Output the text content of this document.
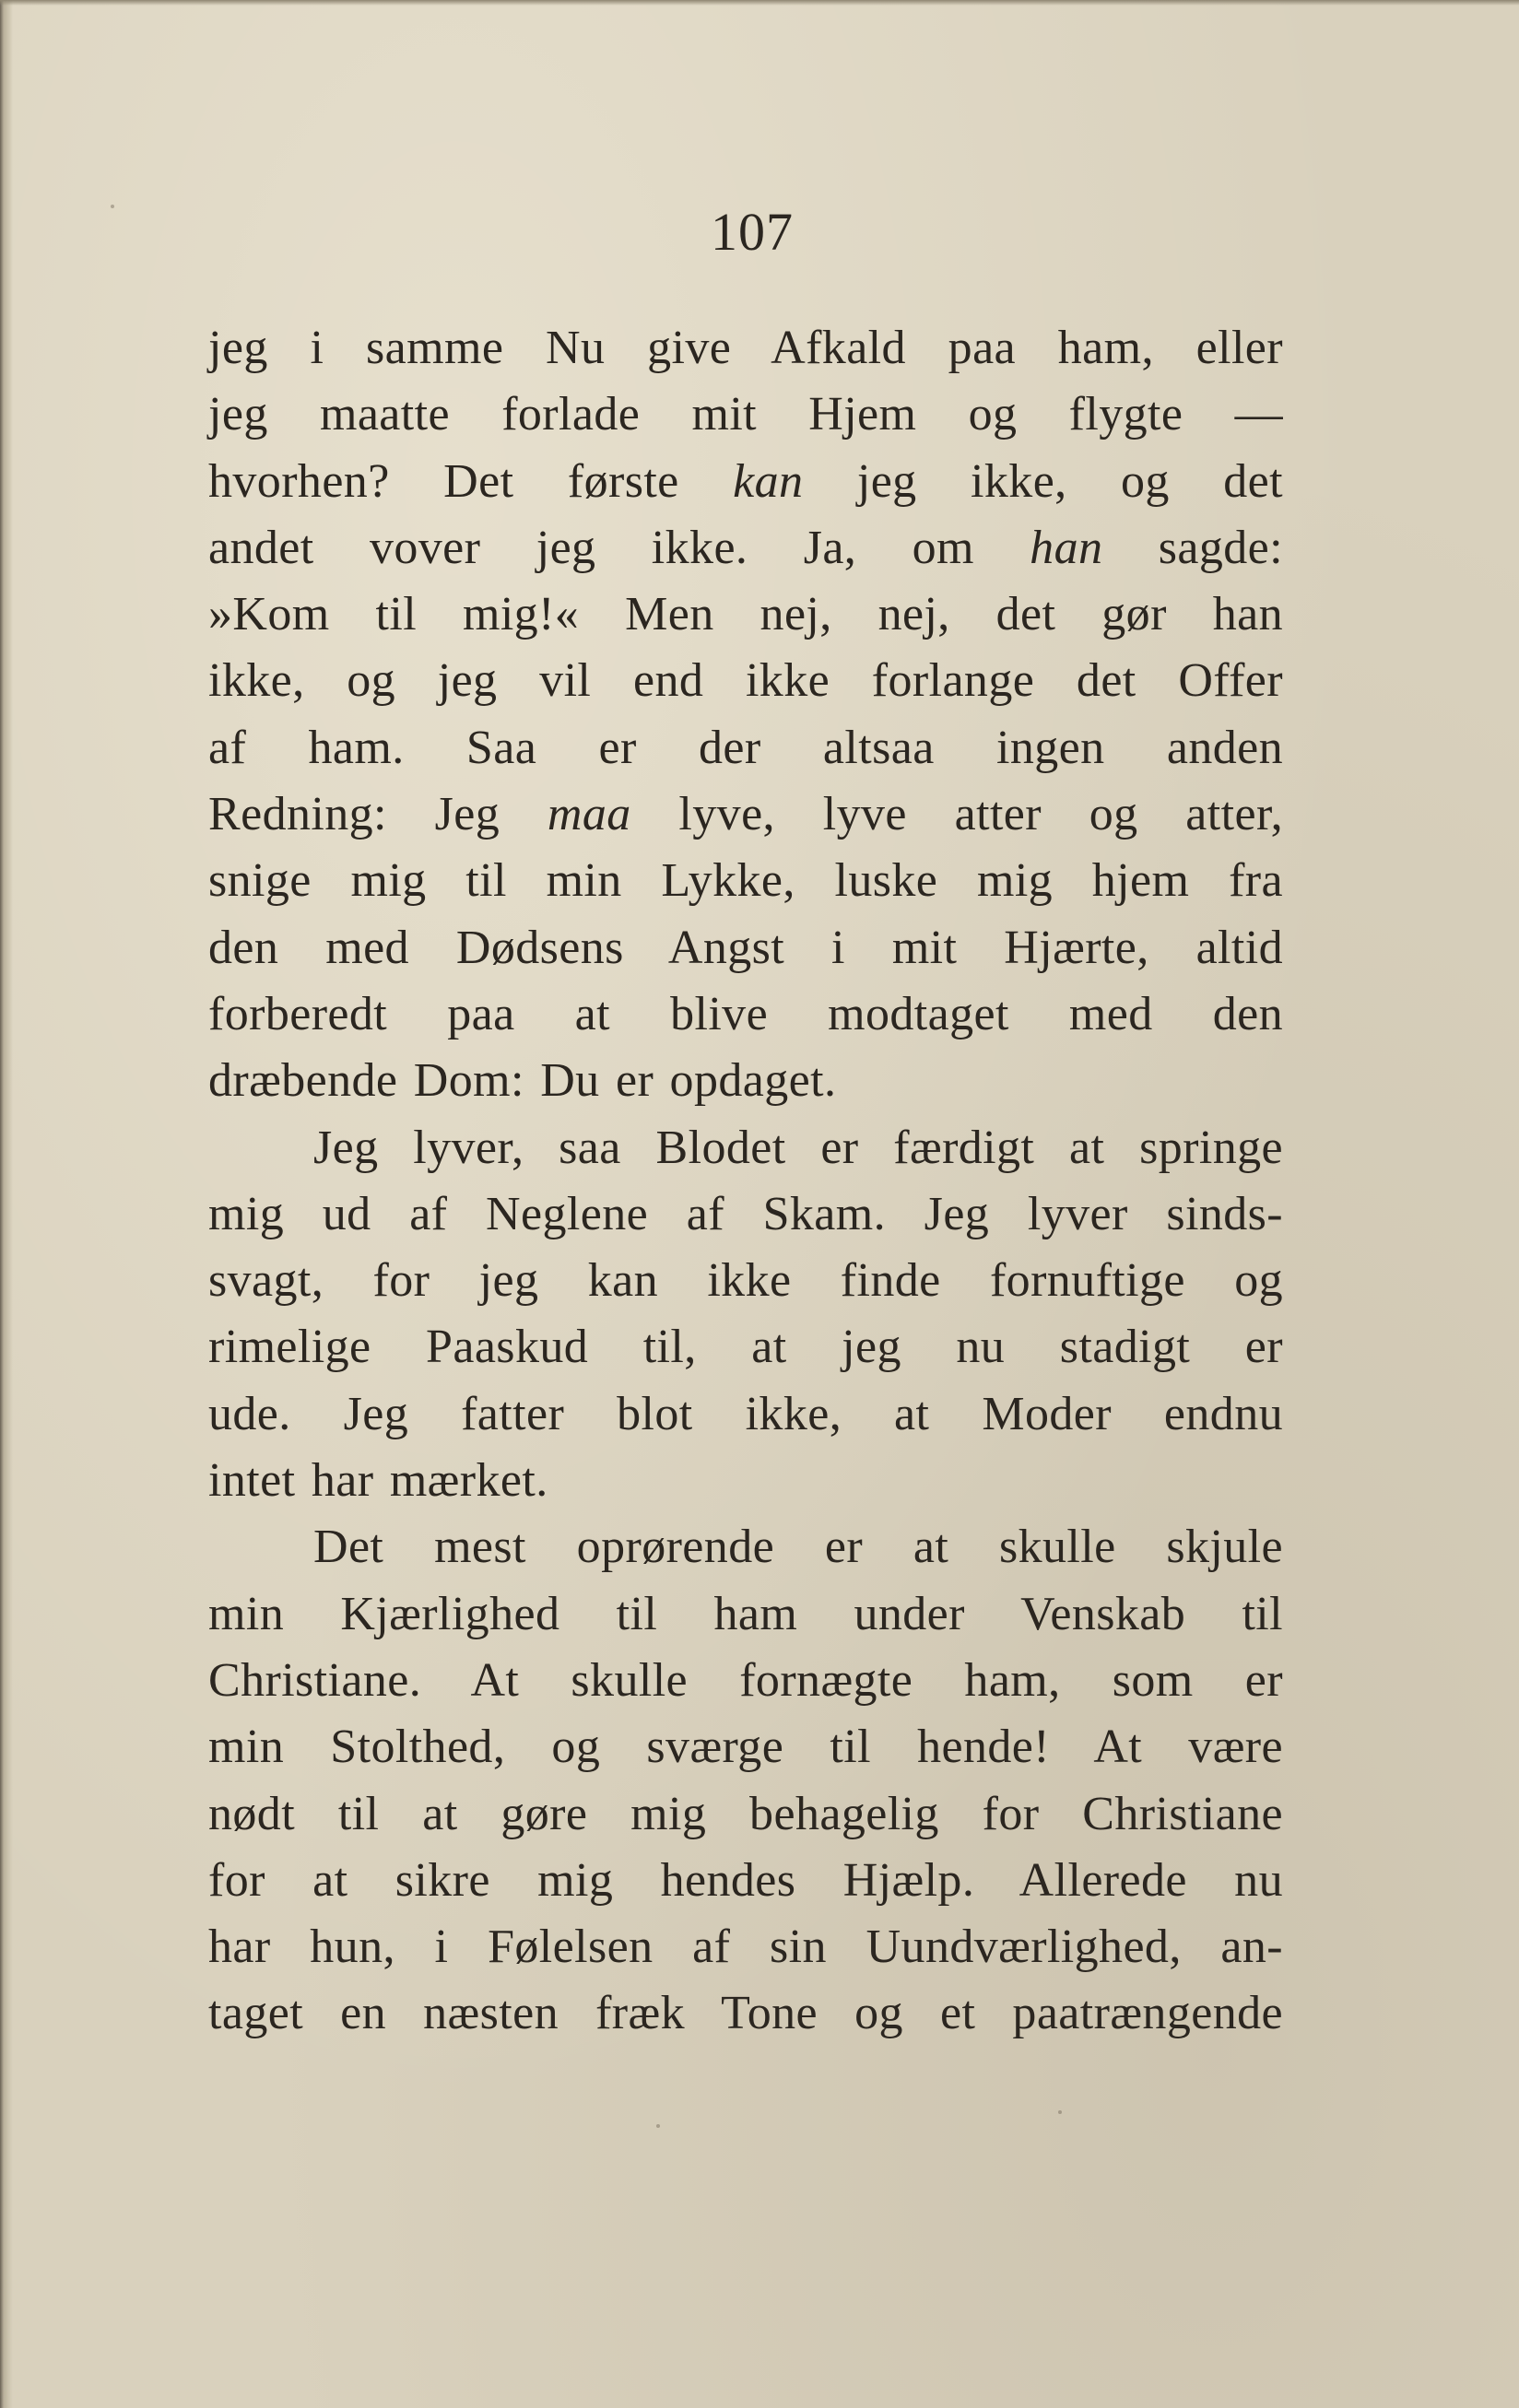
107
jeg i samme Nu give Afkald paa ham, eller
jeg maatte forlade mit Hjem og flygte —
hvorhen? Det første kan jeg ikke, og det
andet vover jeg ikke. Ja, om han sagde:
»Kom til mig!« Men nej, nej, det gør han
ikke, og jeg vil end ikke forlange det Offer
af ham. Saa er der altsaa ingen anden
Redning: Jeg maa lyve, lyve atter og atter,
snige mig til min Lykke, luske mig hjem fra
den med Dødsens Angst i mit Hjærte, altid
forberedt paa at blive modtaget med den
dræbende Dom: Du er opdaget.
Jeg lyver, saa Blodet er færdigt at springe
mig ud af Neglene af Skam. Jeg lyver sinds-
svagt, for jeg kan ikke finde fornuftige og
rimelige Paaskud til, at jeg nu stadigt er
ude. Jeg fatter blot ikke, at Moder endnu
intet har mærket.
Det mest oprørende er at skulle skjule
min Kjærlighed til ham under Venskab til
Christiane. At skulle fornægte ham, som er
min Stolthed, og sværge til hende! At være
nødt til at gøre mig behagelig for Christiane
for at sikre mig hendes Hjælp. Allerede nu
har hun, i Følelsen af sin Uundværlighed, an-
taget en næsten fræk Tone og et paatrængende
